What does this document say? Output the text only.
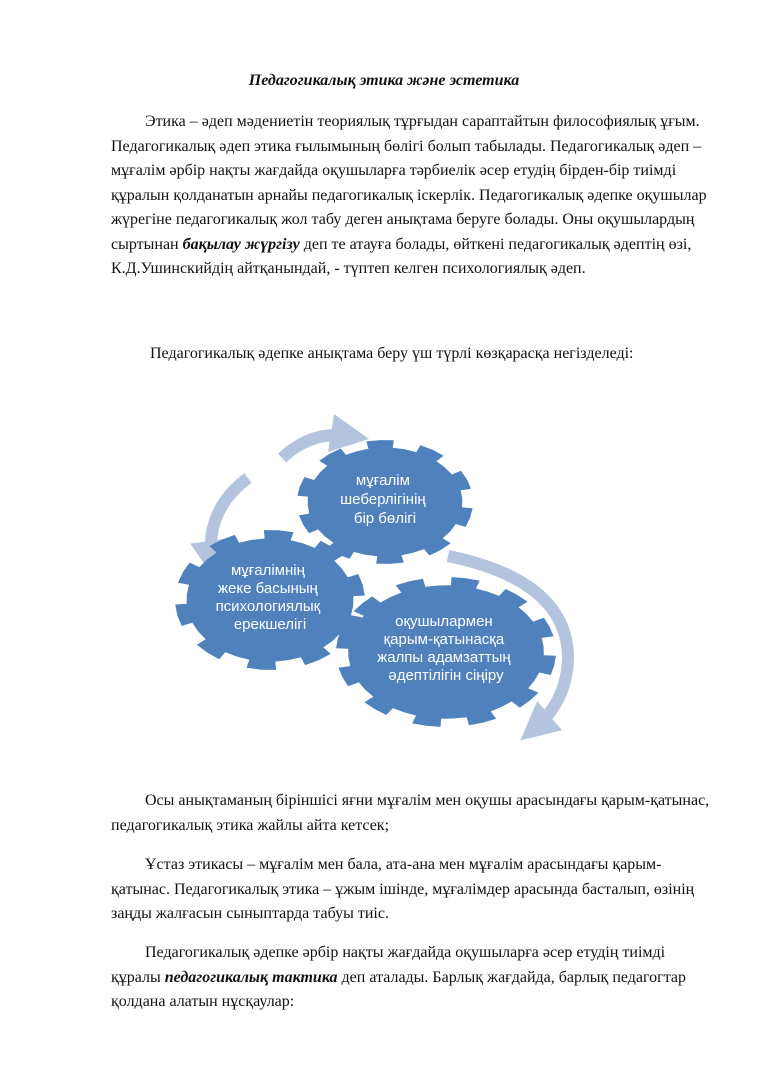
Педагогикалық этика және эстетика

Этика – әдеп мәдениетін теориялық тұрғыдан сараптайтын философиялық ұғым. Педагогикалық әдеп этика ғылымының бөлігі болып табылады. Педагогикалық әдеп – мұғалім әрбір нақты жағдайда оқушыларға тәрбиелік әсер етудің бірден-бір тиімді құралын қолданатын арнайы педагогикалық іскерлік. Педагогикалық әдепке оқушылар жүрегіне педагогикалық жол табу деген анықтама беруге болады. Оны оқушылардың сыртынан бақылау жүргізу деп те атауға болады, өйткені педагогикалық әдептің өзі, К.Д.Ушинскийдің айтқанындай, - түптеп келген психологиялық әдеп.

Педагогикалық әдепке анықтама беру үш түрлі көзқарасқа негізделеді:
мұғалім шеберлігінің бір бөлігі
мұғалімнің жеке басының психологиялық ерекшелігі	оқушылармен қарым-қатынасқа жалпы адамзаттың әдептілігін сіңіру

Осы анықтаманың біріншісі яғни мұғалім мен оқушы арасындағы қарым-қатынас, педагогикалық этика жайлы айта кетсек;

Ұстаз этикасы – мұғалім мен бала, ата-ана мен мұғалім арасындағы қарым-қатынас. Педагогикалық этика – ұжым ішінде, мұғалімдер арасында басталып, өзінің заңды жалғасын сыныптарда табуы тиіс.

Педагогикалық әдепке әрбір нақты жағдайда оқушыларға әсер етудің тиімді құралы педагогикалық тактика деп аталады. Барлық жағдайда, барлық педагогтар қолдана алатын нұсқаулар:
